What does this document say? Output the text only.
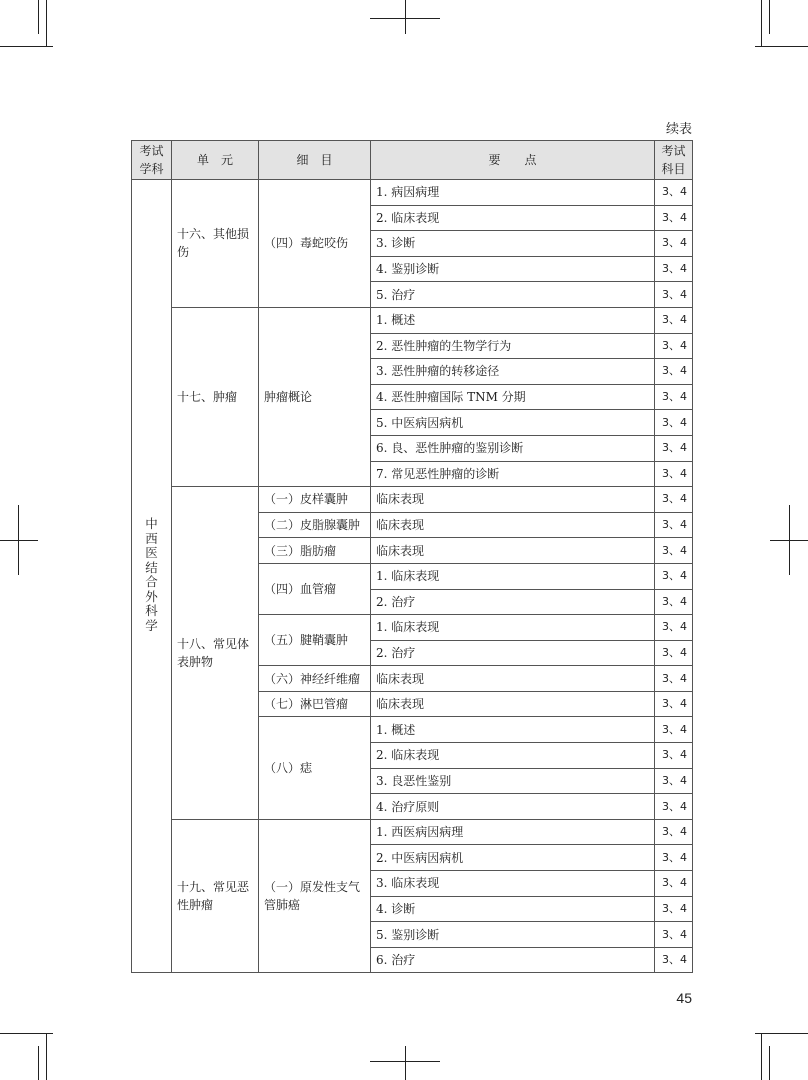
续表
考试学科	单　元	细　目	要　　点	考试科目
中西医结合外科学	十六、其他损伤	（四）毒蛇咬伤	1. 病因病理	3、4
			2. 临床表现	3、4
			3. 诊断	3、4
			4. 鉴别诊断	3、4
			5. 治疗	3、4
	十七、肿瘤	肿瘤概论	1. 概述	3、4
			2. 恶性肿瘤的生物学行为	3、4
			3. 恶性肿瘤的转移途径	3、4
			4. 恶性肿瘤国际 TNM 分期	3、4
			5. 中医病因病机	3、4
			6. 良、恶性肿瘤的鉴别诊断	3、4
			7. 常见恶性肿瘤的诊断	3、4
	十八、常见体表肿物	（一）皮样囊肿	临床表现	3、4
		（二）皮脂腺囊肿	临床表现	3、4
		（三）脂肪瘤	临床表现	3、4
		（四）血管瘤	1. 临床表现	3、4
			2. 治疗	3、4
		（五）腱鞘囊肿	1. 临床表现	3、4
			2. 治疗	3、4
		（六）神经纤维瘤	临床表现	3、4
		（七）淋巴管瘤	临床表现	3、4
		（八）痣	1. 概述	3、4
			2. 临床表现	3、4
			3. 良恶性鉴别	3、4
			4. 治疗原则	3、4
	十九、常见恶性肿瘤	（一）原发性支气管肺癌	1. 西医病因病理	3、4
			2. 中医病因病机	3、4
			3. 临床表现	3、4
			4. 诊断	3、4
			5. 鉴别诊断	3、4
			6. 治疗	3、4
45
